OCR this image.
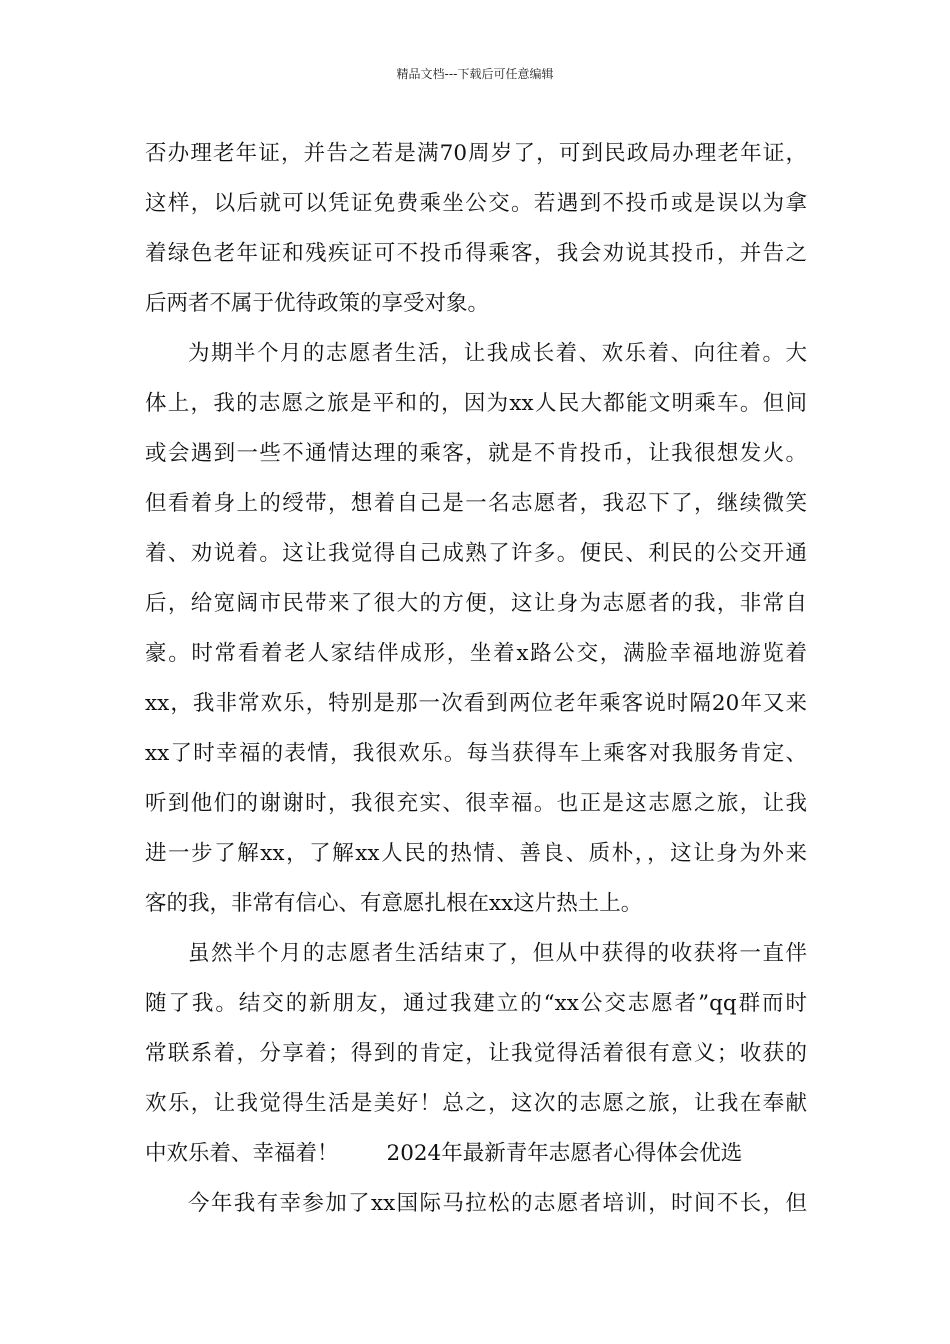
精品文档---下载后可任意编辑
否办理老年证，并告之若是满70周岁了，可到民政局办理老年证，
这样，以后就可以凭证免费乘坐公交。若遇到不投币或是误以为拿
着绿色老年证和残疾证可不投币得乘客，我会劝说其投币，并告之
后两者不属于优待政策的享受对象。
为期半个月的志愿者生活，让我成长着、欢乐着、向往着。大
体上，我的志愿之旅是平和的，因为xx人民大都能文明乘车。但间
或会遇到一些不通情达理的乘客，就是不肯投币，让我很想发火。
但看着身上的绶带，想着自己是一名志愿者，我忍下了，继续微笑
着、劝说着。这让我觉得自己成熟了许多。便民、利民的公交开通
后，给宽阔市民带来了很大的方便，这让身为志愿者的我，非常自
豪。时常看着老人家结伴成形，坐着x路公交，满脸幸福地游览着
xx，我非常欢乐，特别是那一次看到两位老年乘客说时隔20年又来
xx了时幸福的表情，我很欢乐。每当获得车上乘客对我服务肯定、
听到他们的谢谢时，我很充实、很幸福。也正是这志愿之旅，让我
进一步了解xx，了解xx人民的热情、善良、质朴，，这让身为外来
客的我，非常有信心、有意愿扎根在xx这片热土上。
虽然半个月的志愿者生活结束了，但从中获得的收获将一直伴
随了我。结交的新朋友，通过我建立的“xx公交志愿者”qq群而时
常联系着，分享着；得到的肯定，让我觉得活着很有意义；收获的
欢乐，让我觉得生活是美好！总之，这次的志愿之旅，让我在奉献
中欢乐着、幸福着！ 2024年最新青年志愿者心得体会优选
今年我有幸参加了xx国际马拉松的志愿者培训，时间不长，但
